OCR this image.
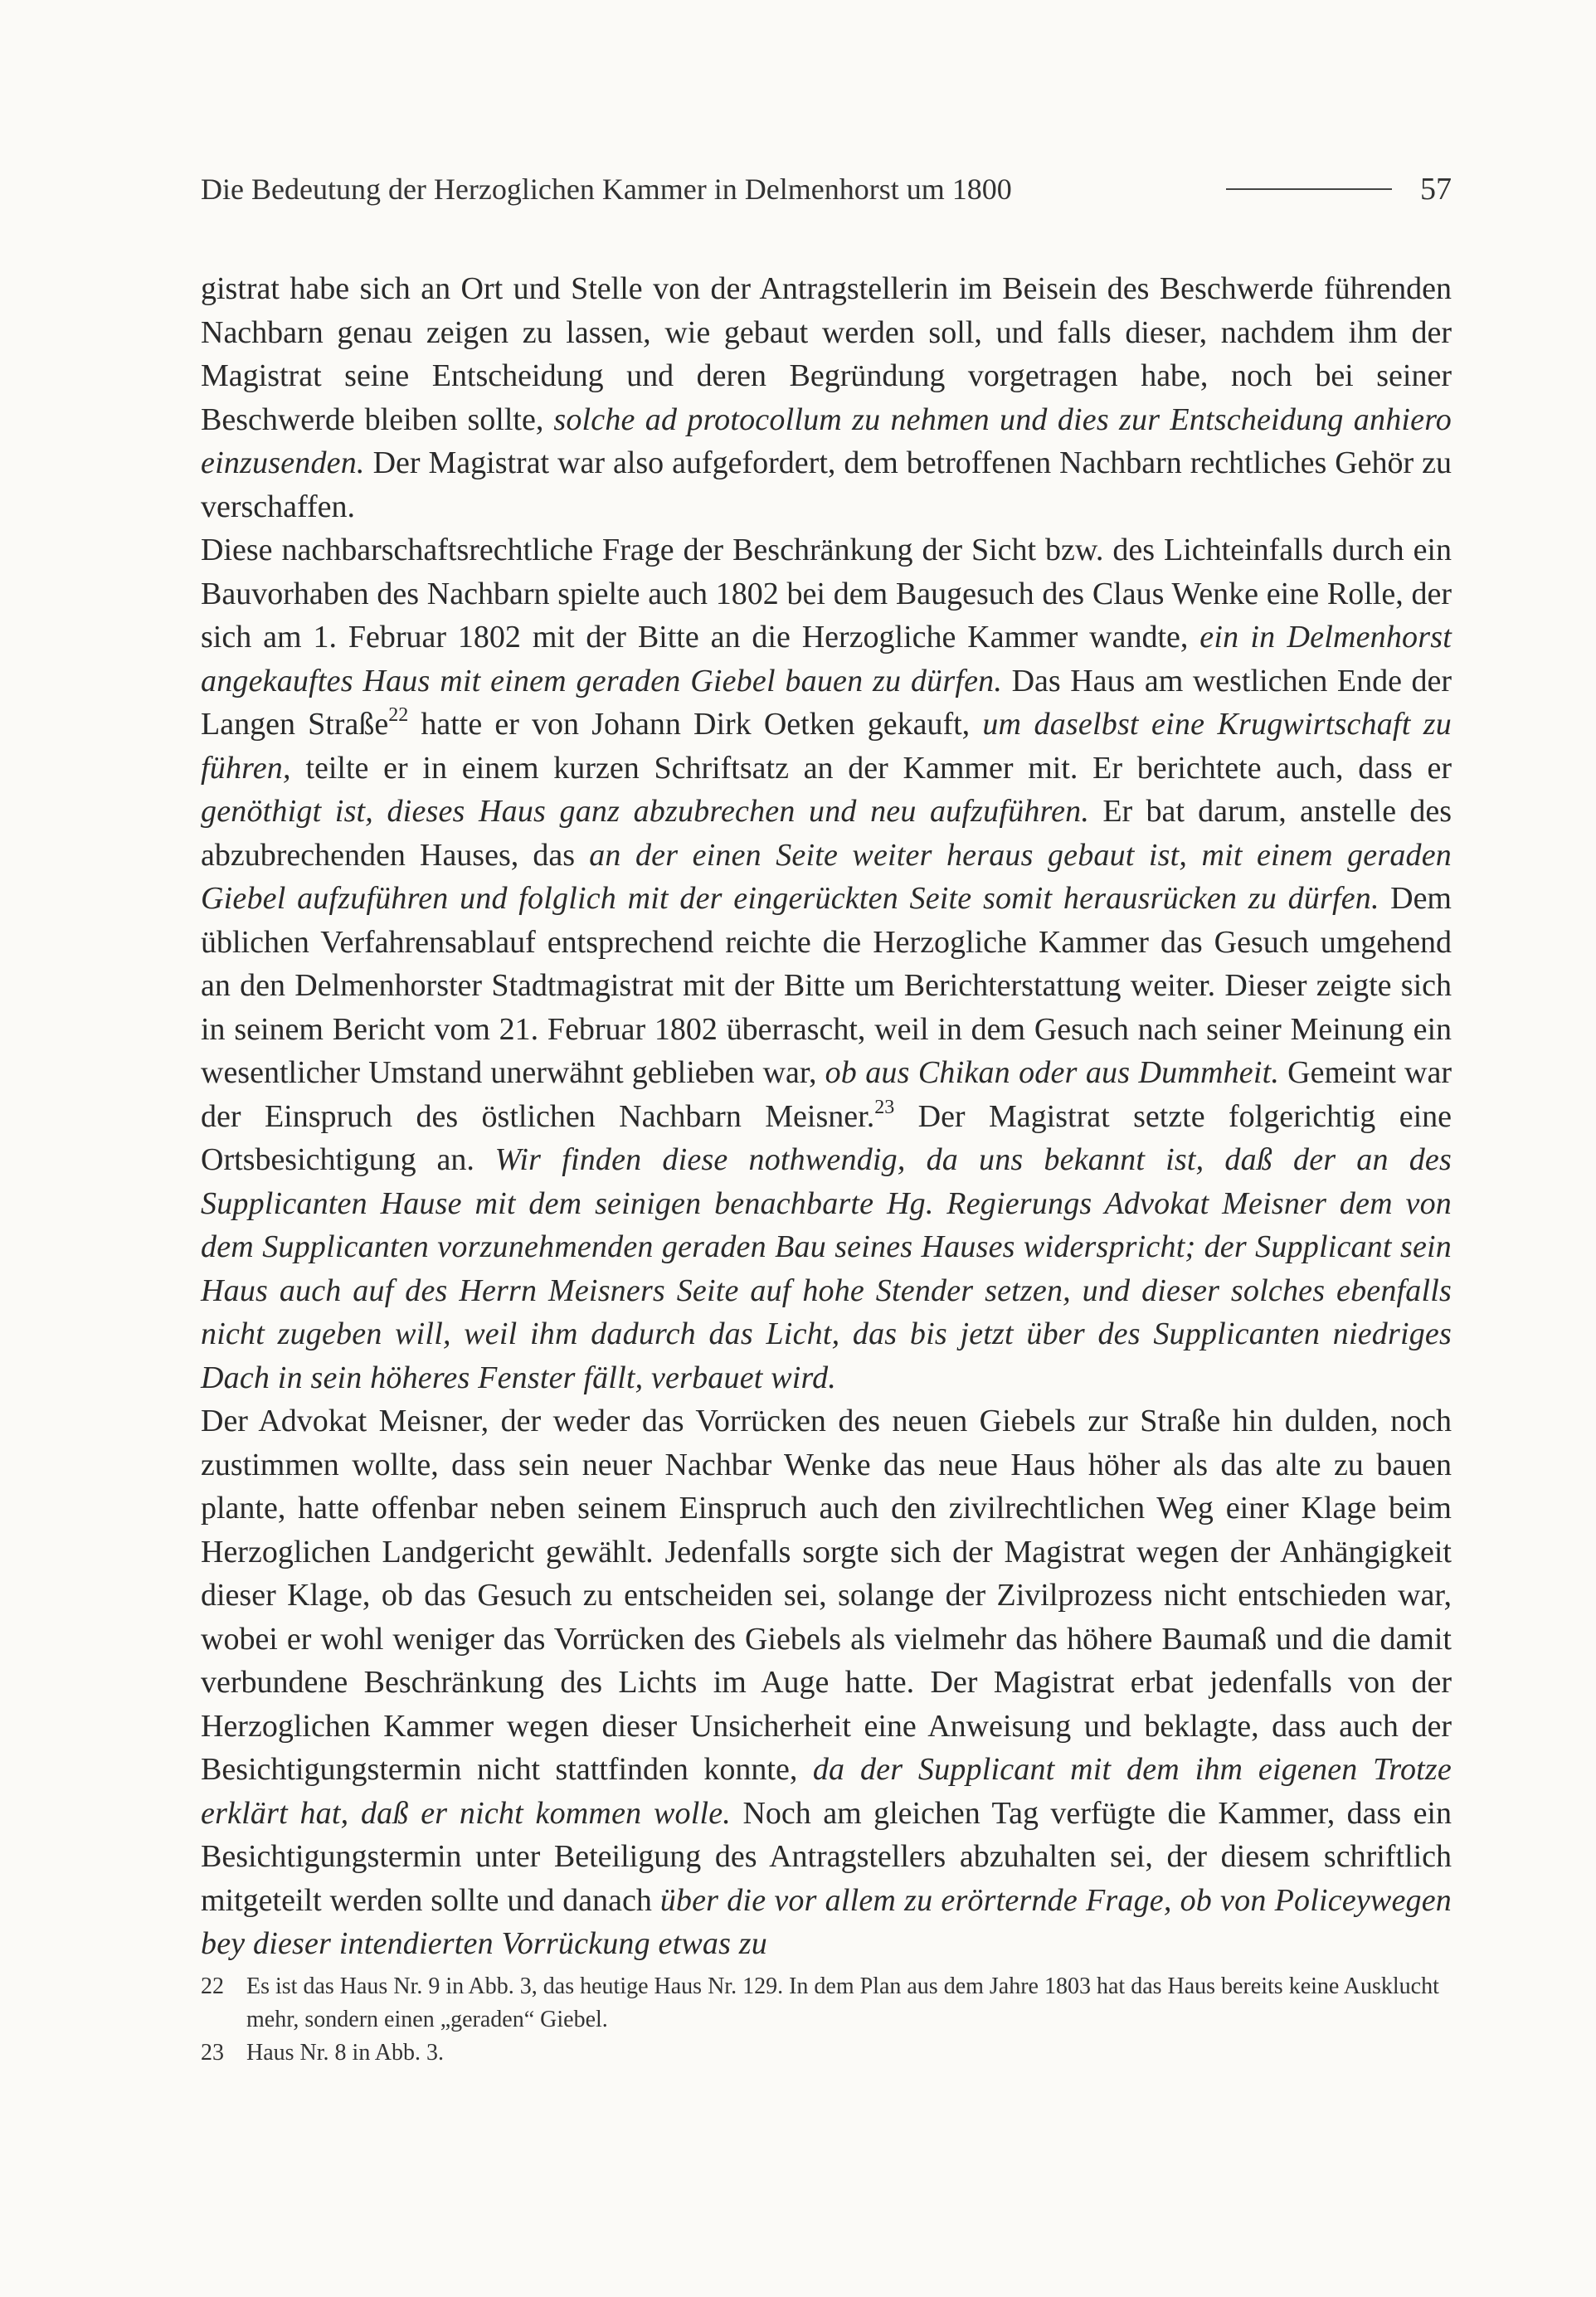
Die Bedeutung der Herzoglichen Kammer in Delmenhorst um 1800	57

gistrat habe sich an Ort und Stelle von der Antragstellerin im Beisein des Beschwerde führenden Nachbarn genau zeigen zu lassen, wie gebaut werden soll, und falls dieser, nachdem ihm der Magistrat seine Entscheidung und deren Begründung vorgetragen habe, noch bei seiner Beschwerde bleiben sollte, solche ad protocollum zu nehmen und dies zur Entscheidung anhiero einzusenden. Der Magistrat war also aufgefordert, dem betroffenen Nachbarn rechtliches Gehör zu verschaffen.

Diese nachbarschaftsrechtliche Frage der Beschränkung der Sicht bzw. des Lichteinfalls durch ein Bauvorhaben des Nachbarn spielte auch 1802 bei dem Baugesuch des Claus Wenke eine Rolle, der sich am 1. Februar 1802 mit der Bitte an die Herzogliche Kammer wandte, ein in Delmenhorst angekauftes Haus mit einem geraden Giebel bauen zu dürfen. Das Haus am westlichen Ende der Langen Straße$^{22}$ hatte er von Johann Dirk Oetken gekauft, um daselbst eine Krugwirtschaft zu führen, teilte er in einem kurzen Schriftsatz an der Kammer mit. Er berichtete auch, dass er genöthigt ist, dieses Haus ganz abzubrechen und neu aufzuführen. Er bat darum, anstelle des abzubrechenden Hauses, das an der einen Seite weiter heraus gebaut ist, mit einem geraden Giebel aufzuführen und folglich mit der eingerückten Seite somit herausrücken zu dürfen. Dem üblichen Verfahrensablauf entsprechend reichte die Herzogliche Kammer das Gesuch umgehend an den Delmenhorster Stadtmagistrat mit der Bitte um Berichterstattung weiter. Dieser zeigte sich in seinem Bericht vom 21. Februar 1802 überrascht, weil in dem Gesuch nach seiner Meinung ein wesentlicher Umstand unerwähnt geblieben war, ob aus Chikan oder aus Dummheit. Gemeint war der Einspruch des östlichen Nachbarn Meisner.$^{23}$ Der Magistrat setzte folgerichtig eine Ortsbesichtigung an. Wir finden diese nothwendig, da uns bekannt ist, daß der an des Supplicanten Hause mit dem seinigen benachbarte Hg. Regierungs Advokat Meisner dem von dem Supplicanten vorzunehmenden geraden Bau seines Hauses widerspricht; der Supplicant sein Haus auch auf des Herrn Meisners Seite auf hohe Stender setzen, und dieser solches ebenfalls nicht zugeben will, weil ihm dadurch das Licht, das bis jetzt über des Supplicanten niedriges Dach in sein höheres Fenster fällt, verbauet wird.

Der Advokat Meisner, der weder das Vorrücken des neuen Giebels zur Straße hin dulden, noch zustimmen wollte, dass sein neuer Nachbar Wenke das neue Haus höher als das alte zu bauen plante, hatte offenbar neben seinem Einspruch auch den zivilrechtlichen Weg einer Klage beim Herzoglichen Landgericht gewählt. Jedenfalls sorgte sich der Magistrat wegen der Anhängigkeit dieser Klage, ob das Gesuch zu entscheiden sei, solange der Zivilprozess nicht entschieden war, wobei er wohl weniger das Vorrücken des Giebels als vielmehr das höhere Baumaß und die damit verbundene Beschränkung des Lichts im Auge hatte. Der Magistrat erbat jedenfalls von der Herzoglichen Kammer wegen dieser Unsicherheit eine Anweisung und beklagte, dass auch der Besichtigungstermin nicht stattfinden konnte, da der Supplicant mit dem ihm eigenen Trotze erklärt hat, daß er nicht kommen wolle. Noch am gleichen Tag verfügte die Kammer, dass ein Besichtigungstermin unter Beteiligung des Antragstellers abzuhalten sei, der diesem schriftlich mitgeteilt werden sollte und danach über die vor allem zu erörternde Frage, ob von Policeywegen bey dieser intendierten Vorrückung etwas zu

22 Es ist das Haus Nr. 9 in Abb. 3, das heutige Haus Nr. 129. In dem Plan aus dem Jahre 1803 hat das Haus bereits keine Ausklucht mehr, sondern einen „geraden“ Giebel.
23 Haus Nr. 8 in Abb. 3.
